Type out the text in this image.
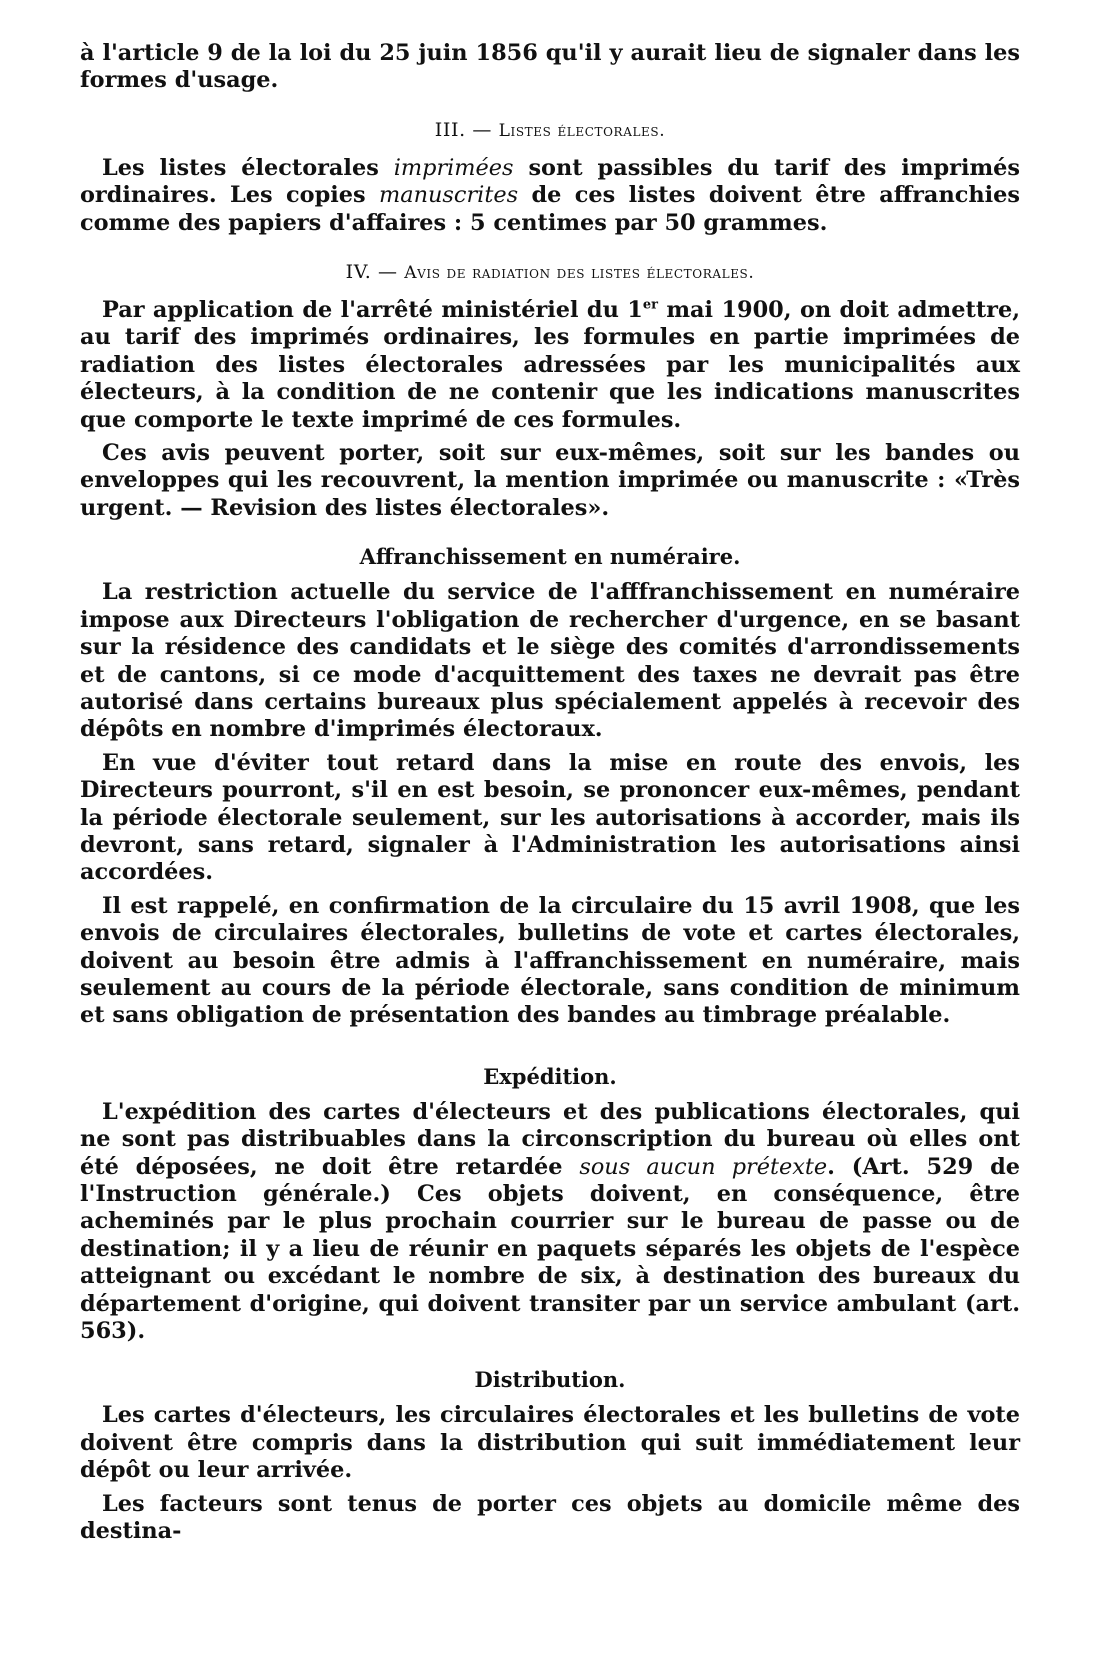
à l'article 9 de la loi du 25 juin 1856 qu'il y aurait lieu de signaler dans les formes d'usage.

III. — Listes électorales.

Les listes électorales imprimées sont passibles du tarif des imprimés ordinaires. Les copies manuscrites de ces listes doivent être affranchies comme des papiers d'affaires : 5 centimes par 50 grammes.

IV. — Avis de radiation des listes électorales.

Par application de l'arrêté ministériel du 1er mai 1900, on doit admettre, au tarif des imprimés ordinaires, les formules en partie imprimées de radiation des listes électorales adressées par les municipalités aux électeurs, à la condition de ne contenir que les indications manuscrites que comporte le texte imprimé de ces formules.

Ces avis peuvent porter, soit sur eux-mêmes, soit sur les bandes ou enveloppes qui les recouvrent, la mention imprimée ou manuscrite : «Très urgent. — Revision des listes électorales».

Affranchissement en numéraire.

La restriction actuelle du service de l'afffranchissement en numéraire impose aux Directeurs l'obligation de rechercher d'urgence, en se basant sur la résidence des candidats et le siège des comités d'arrondissements et de cantons, si ce mode d'acquittement des taxes ne devrait pas être autorisé dans certains bureaux plus spécialement appelés à recevoir des dépôts en nombre d'imprimés électoraux.

En vue d'éviter tout retard dans la mise en route des envois, les Directeurs pourront, s'il en est besoin, se prononcer eux-mêmes, pendant la période électorale seulement, sur les autorisations à accorder, mais ils devront, sans retard, signaler à l'Administration les autorisations ainsi accordées.

Il est rappelé, en confirmation de la circulaire du 15 avril 1908, que les envois de circulaires électorales, bulletins de vote et cartes électorales, doivent au besoin être admis à l'affranchissement en numéraire, mais seulement au cours de la période électorale, sans condition de minimum et sans obligation de présentation des bandes au timbrage préalable.

Expédition.

L'expédition des cartes d'électeurs et des publications électorales, qui ne sont pas distribuables dans la circonscription du bureau où elles ont été déposées, ne doit être retardée sous aucun prétexte. (Art. 529 de l'Instruction générale.) Ces objets doivent, en conséquence, être acheminés par le plus prochain courrier sur le bureau de passe ou de destination; il y a lieu de réunir en paquets séparés les objets de l'espèce atteignant ou excédant le nombre de six, à destination des bureaux du département d'origine, qui doivent transiter par un service ambulant (art. 563).

Distribution.

Les cartes d'électeurs, les circulaires électorales et les bulletins de vote doivent être compris dans la distribution qui suit immédiatement leur dépôt ou leur arrivée.

Les facteurs sont tenus de porter ces objets au domicile même des destina-
